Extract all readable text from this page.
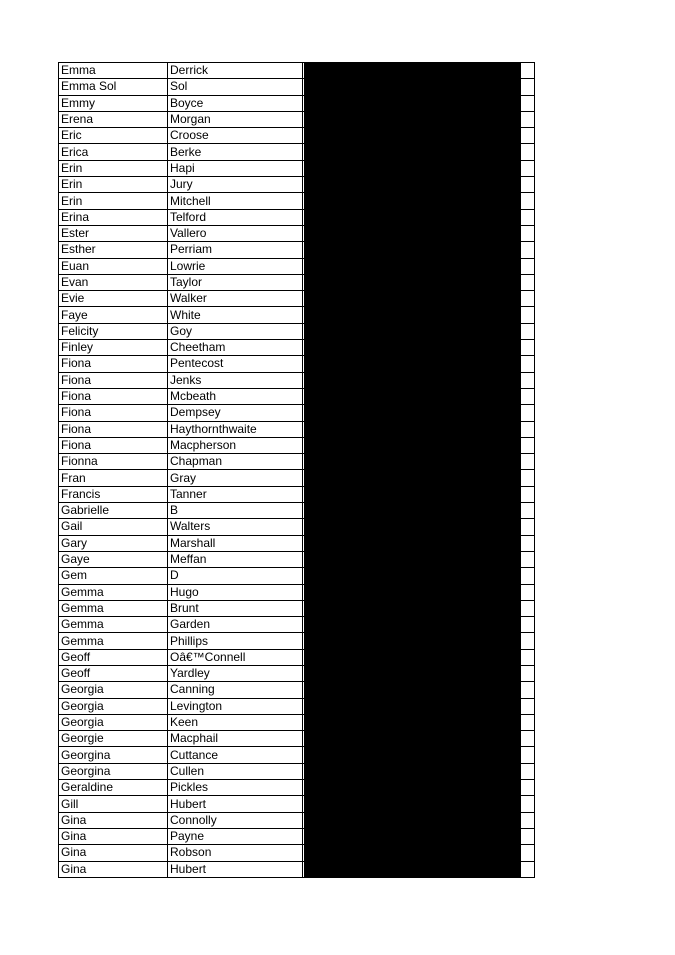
Emma	Derrick		
Emma Sol	Sol		
Emmy	Boyce		
Erena	Morgan		
Eric	Croose		
Erica	Berke		
Erin	Hapi		
Erin	Jury		
Erin	Mitchell		
Erina	Telford		
Ester	Vallero		
Esther	Perriam		
Euan	Lowrie		
Evan	Taylor		
Evie	Walker		
Faye	White		
Felicity	Goy		
Finley	Cheetham		
Fiona	Pentecost		
Fiona	Jenks		
Fiona	Mcbeath		
Fiona	Dempsey		
Fiona	Haythornthwaite		
Fiona	Macpherson		
Fionna	Chapman		
Fran	Gray		
Francis	Tanner		
Gabrielle	B		
Gail	Walters		
Gary	Marshall		
Gaye	Meffan		
Gem	D		
Gemma	Hugo		
Gemma	Brunt		
Gemma	Garden		
Gemma	Phillips		
Geoff	Oâ€™Connell		
Geoff	Yardley		
Georgia	Canning		
Georgia	Levington		
Georgia	Keen		
Georgie	Macphail		
Georgina	Cuttance		
Georgina	Cullen		
Geraldine	Pickles		
Gill	Hubert		
Gina	Connolly		
Gina	Payne		
Gina	Robson		
Gina	Hubert		
